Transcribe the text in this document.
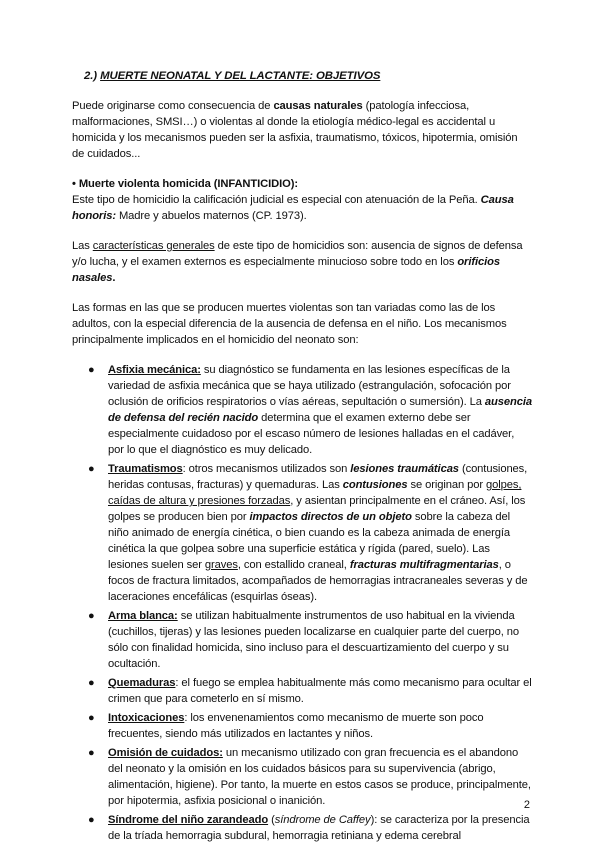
2.) MUERTE NEONATAL Y DEL LACTANTE: OBJETIVOS

Puede originarse como consecuencia de causas naturales (patología infecciosa, malformaciones, SMSI…) o violentas al donde la etiología médico-legal es accidental u homicida y los mecanismos pueden ser la asfixia, traumatismo, tóxicos, hipotermia, omisión de cuidados...

• Muerte violenta homicida (INFANTICIDIO):
Este tipo de homicidio la calificación judicial es especial con atenuación de la Peña. Causa honoris: Madre y abuelos maternos (CP. 1973).

Las características generales de este tipo de homicidios son: ausencia de signos de defensa y/o lucha, y el examen externos es especialmente minucioso sobre todo en los orificios nasales.

Las formas en las que se producen muertes violentas son tan variadas como las de los adultos, con la especial diferencia de la ausencia de defensa en el niño. Los mecanismos principalmente implicados en el homicidio del neonato son:

● Asfixia mecánica: su diagnóstico se fundamenta en las lesiones específicas de la variedad de asfixia mecánica que se haya utilizado (estrangulación, sofocación por oclusión de orificios respiratorios o vías aéreas, sepultación o sumersión). La ausencia de defensa del recién nacido determina que el examen externo debe ser especialmente cuidadoso por el escaso número de lesiones halladas en el cadáver, por lo que el diagnóstico es muy delicado.
● Traumatismos: otros mecanismos utilizados son lesiones traumáticas (contusiones, heridas contusas, fracturas) y quemaduras. Las contusiones se originan por golpes, caídas de altura y presiones forzadas, y asientan principalmente en el cráneo. Así, los golpes se producen bien por impactos directos de un objeto sobre la cabeza del niño animado de energía cinética, o bien cuando es la cabeza animada de energía cinética la que golpea sobre una superficie estática y rígida (pared, suelo). Las lesiones suelen ser graves, con estallido craneal, fracturas multifragmentarias, o focos de fractura limitados, acompañados de hemorragias intracraneales severas y de laceraciones encefálicas (esquirlas óseas).
● Arma blanca: se utilizan habitualmente instrumentos de uso habitual en la vivienda (cuchillos, tijeras) y las lesiones pueden localizarse en cualquier parte del cuerpo, no sólo con finalidad homicida, sino incluso para el descuartizamiento del cuerpo y su ocultación.
● Quemaduras: el fuego se emplea habitualmente más como mecanismo para ocultar el crimen que para cometerlo en sí mismo.
● Intoxicaciones: los envenenamientos como mecanismo de muerte son poco frecuentes, siendo más utilizados en lactantes y niños.
● Omisión de cuidados: un mecanismo utilizado con gran frecuencia es el abandono del neonato y la omisión en los cuidados básicos para su supervivencia (abrigo, alimentación, higiene). Por tanto, la muerte en estos casos se produce, principalmente, por hipotermia, asfixia posicional o inanición.
● Síndrome del niño zarandeado (síndrome de Caffey): se caracteriza por la presencia de la tríada hemorragia subdural, hemorragia retiniana y edema cerebral
2
